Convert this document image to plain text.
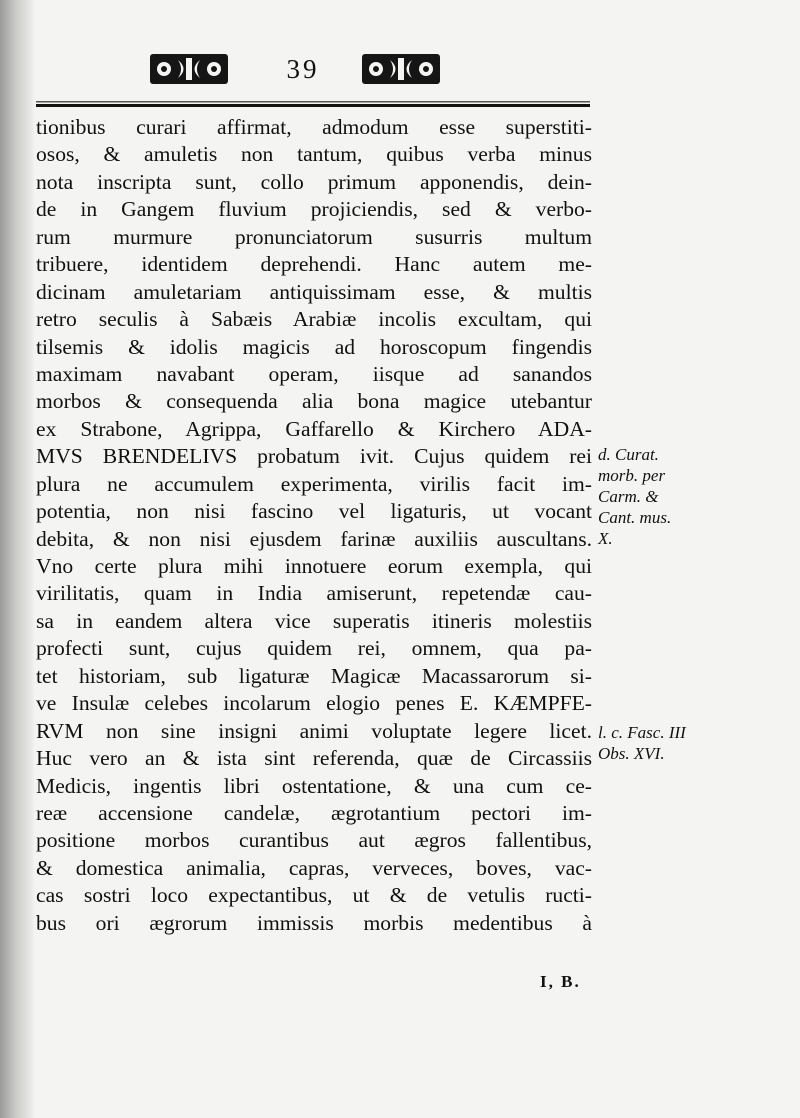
39
tionibus curari affirmat, admodum esse superstiti-
osos, & amuletis non tantum, quibus verba minus
nota inscripta sunt, collo primum apponendis, dein-
de in Gangem fluvium projiciendis, sed & verbo-
rum murmure pronunciatorum susurris multum
tribuere, identidem deprehendi. Hanc autem me-
dicinam amuletariam antiquissimam esse, & multis
retro seculis à Sabæis Arabiæ incolis excultam, qui
tilsemis & idolis magicis ad horoscopum fingendis
maximam navabant operam, iisque ad sanandos
morbos & consequenda alia bona magice utebantur
ex Strabone, Agrippa, Gaffarello & Kirchero ADA-
MVS BRENDELIVS probatum ivit. Cujus quidem rei
plura ne accumulem experimenta, virilis facit im-
potentia, non nisi fascino vel ligaturis, ut vocant
debita, & non nisi ejusdem farinæ auxiliis auscultans.
Vno certe plura mihi innotuere eorum exempla, qui
virilitatis, quam in India amiserunt, repetendæ cau-
sa in eandem altera vice superatis itineris molestiis
profecti sunt, cujus quidem rei, omnem, qua pa-
tet historiam, sub ligaturæ Magicæ Macassarorum si-
ve Insulæ celebes incolarum elogio penes E. KÆMPFE-
RVM non sine insigni animi voluptate legere licet.
Huc vero an & ista sint referenda, quæ de Circassiis
Medicis, ingentis libri ostentatione, & una cum ce-
reæ accensione candelæ, ægrotantium pectori im-
positione morbos curantibus aut ægros fallentibus,
& domestica animalia, capras, verveces, boves, vac-
cas sostri loco expectantibus, ut & de vetulis ructi-
bus ori ægrorum immissis morbis medentibus à
d. Curat.
morb. per
Carm. &
Cant. mus.
X.
l. c. Fasc. III
Obs. XVI.
I, B.
